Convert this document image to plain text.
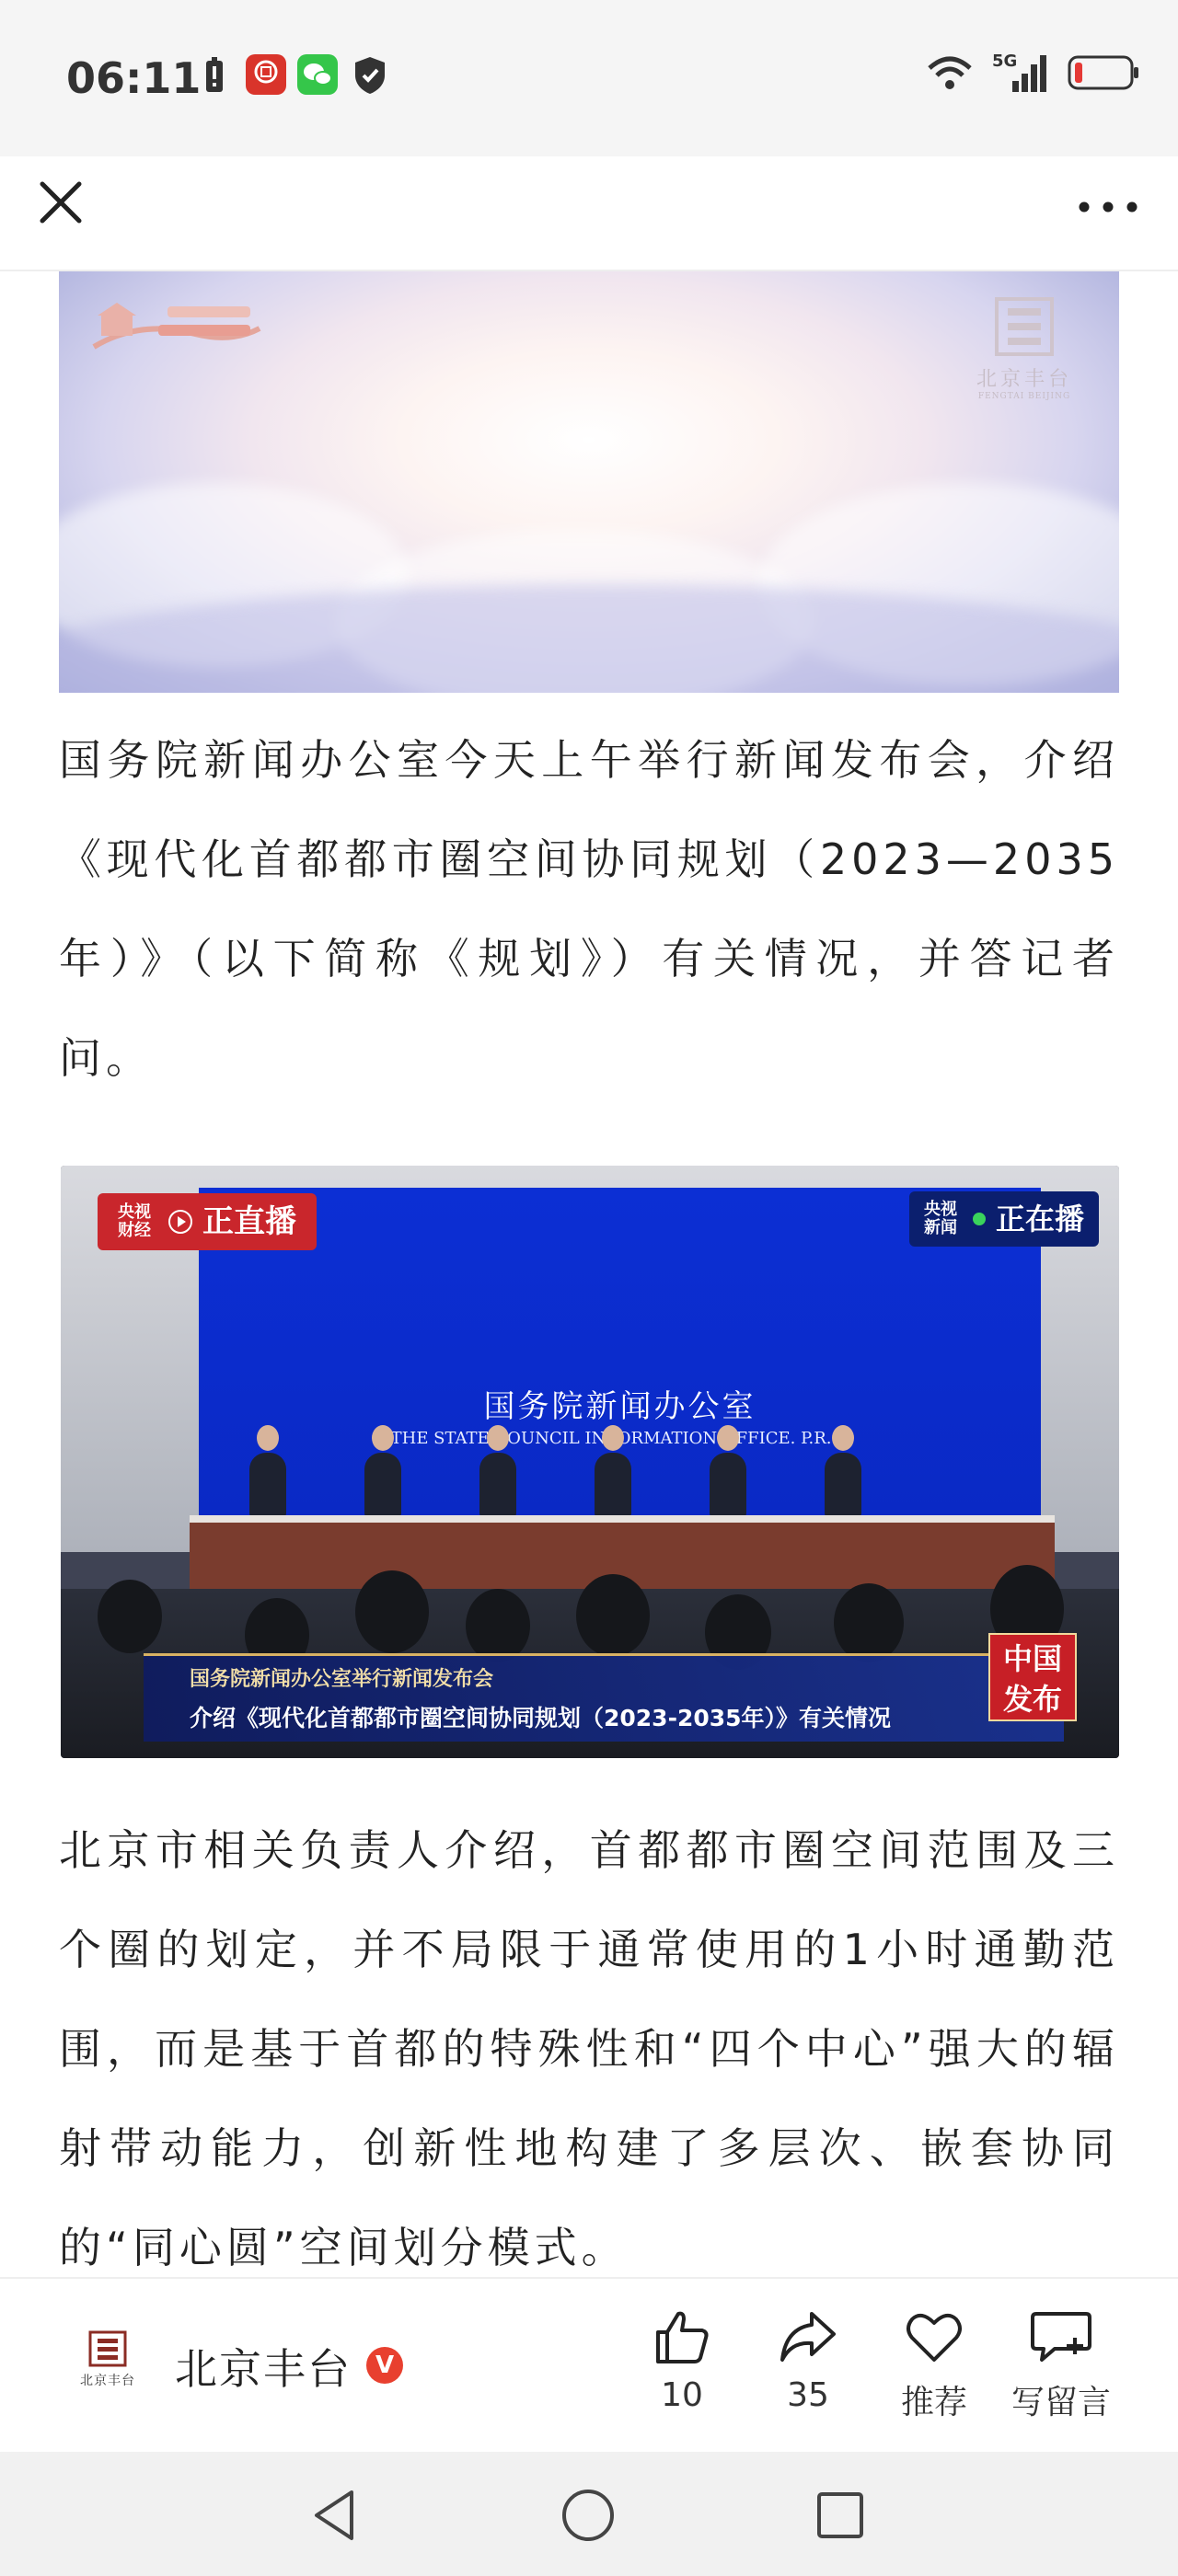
06:11	5G
北京丰台
FENGTAI BEIJING

国务院新闻办公室今天上午举行新闻发布会，介绍《现代化首都都市圈空间协同规划（2023—2035年）》（以下简称《规划》）有关情况，并答记者问。

国务院新闻办公室
THE STATE COUNCIL INFORMATION OFFICE. P.R.C.
央视财经 正直播	央视新闻 正在播
国务院新闻办公室举行新闻发布会
介绍《现代化首都都市圈空间协同规划（2023-2035年）》有关情况
中国发布

北京市相关负责人介绍，首都都市圈空间范围及三个圈的划定，并不局限于通常使用的1小时通勤范围，而是基于首都的特殊性和“四个中心”强大的辐射带动能力，创新性地构建了多层次、嵌套协同的“同心圆”空间划分模式。

北京丰台 北京丰台 V
10	35	推荐	写留言
